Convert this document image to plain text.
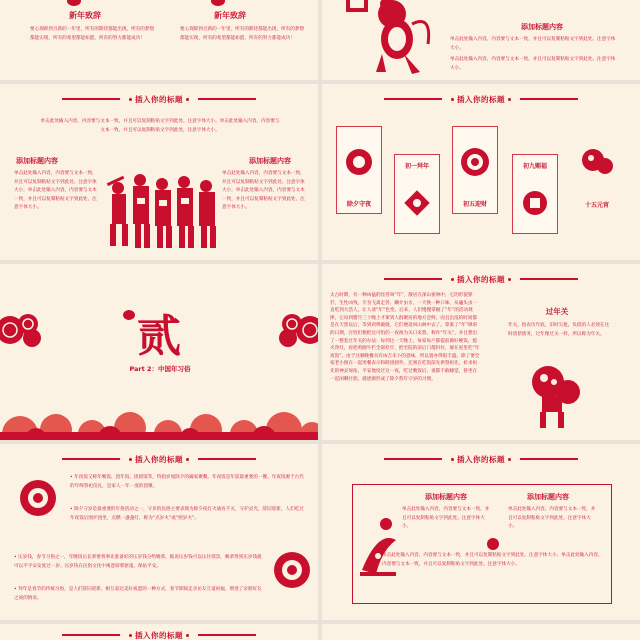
新年致辞	新年致辞
要心现即到百新的一年里，所有的期待都能出现，所有的梦想都能实现，所有的希望都能如愿，所有的努力都能成功！
要心现即到百新的一年里，所有的期待都能出现，所有的梦想都能实现，所有的希望都能如愿，所有的努力都能成功！
添加标题内容
单击此处输入内容，内容要与文本一致，并且可以复制粘贴文字到此处。注意字体大小。
单击此处输入内容，内容要与文本一致，并且可以复制粘贴文字到此处。注意字体大小。
插入你的标题
单击此处输入内容，内容要与文本一致，并且可以复制粘贴文字到此处。注意字体大小。单击此处输入内容，内容要与文本一致，并且可以复制粘贴文字到此处，注意字体大小。
添加标题内容	添加标题内容
单击此处输入内容，内容要与文本一致，并且可以复制粘贴文字到此处。注意字体大小，单击此处输入内容，内容要与文本一致，并且可以复制粘贴文字到此处，注意字体大小。
单击此处输入内容，内容要与文本一致，并且可以复制粘贴文字到此处。注意字体大小，单击此处输入内容，内容要与文本一致，并且可以复制粘贴文字到此处，注意字体大小。
插入你的标题
除夕守夜
初一拜年
初五迎财
初九赐福
十五元宵
贰
Part 2：中国年习俗
插入你的标题
太古时期，有一种凶猛的怪兽叫“年”，散居在深山密林中，它的形貌狰狞，生性凶残，专食飞禽走兽、鳞介虫豸，一天换一种口味，从磕头虫一直吃到大活人，让人谈“年”色变。后来，人们慢慢掌握了“年”的活动规律，它每到腊月三十晚上才窜到人群聚居的地方尝鲜，而且出没的时间都是在天黑以后，等到鸡鸣破晓，它们便返回山林中去了。算准了“年”肆虐的日期，百姓们便把这可怕的一夜视为关口来煞，称作“年关”，并且想出了一整套过年关的办法：每到这一天晚上，每家每户都提前做好晚饭，熄火净灶，再把鸡圈牛栏全部拴牢，把宅院的前后门都封住，躲在屋里吃“年夜饭”。由于这顿晚餐具有凶吉未卜的意味，所以置办得很丰盛，除了要全家老小围在一起用餐表示和睦团圆外，还须在吃饭前先供祭祖先，祈求祖先的神灵保佑，平安地度过这一夜，吃过晚饭后，谁都不敢睡觉，挤坐在一起闲聊壮胆。就逐渐形成了除夕熬年守岁的习惯。
过年关
年关，指农历年底，旧时欠租、负债的人必须在这时清偿债务，过年像过关一样，所以称为年关。
插入你的标题
• 年夜饭又称年晚饭、团年饭、团圆饭等，特指岁尾除夕的阖家聚餐。年夜饭是年前最重要的一餐。年夜饭源于古代的年终祭祀仪礼，是家人一年一度的团聚。
• 除夕守岁是最重要的年俗活动之一，守岁的民俗主要表现为除夕夜灯火通宵不灭，守护灵光，辞旧迎新，人们吃过年夜饭后围炉团坐，点燃一盏盏灯，称为“点岁火”或“照岁火”。
• 压岁钱，春节习俗之一，年晚饭后长辈要将事先准备好的压岁钱分给晚辈，据说压岁钱可以压住邪祟，晚辈得到压岁钱就可以平平安安度过一岁。压岁钱在民俗文化中寓意辟邪驱鬼，保佑平安。
• 拜年是春节的传统习俗，是人们辞旧迎新、相互表达美好祝愿的一种方式，春节期间走亲访友互道祝福，增进了亲朋好友之间的情谊。
插入你的标题
添加标题内容	添加标题内容
单击此处输入内容，内容要与文本一致，并且可以复制粘贴文字到此处。注意字体大小。
单击此处输入内容，内容要与文本一致，并且可以复制粘贴文字到此处。注意字体大小。
单击此处输入内容，内容要与文本一致，并且可以复制粘贴文字到此处。注意字体大小。单击此处输入内容，内容要与文本一致，并且可以复制粘贴文字到此处。注意字体大小。
插入你的标题
